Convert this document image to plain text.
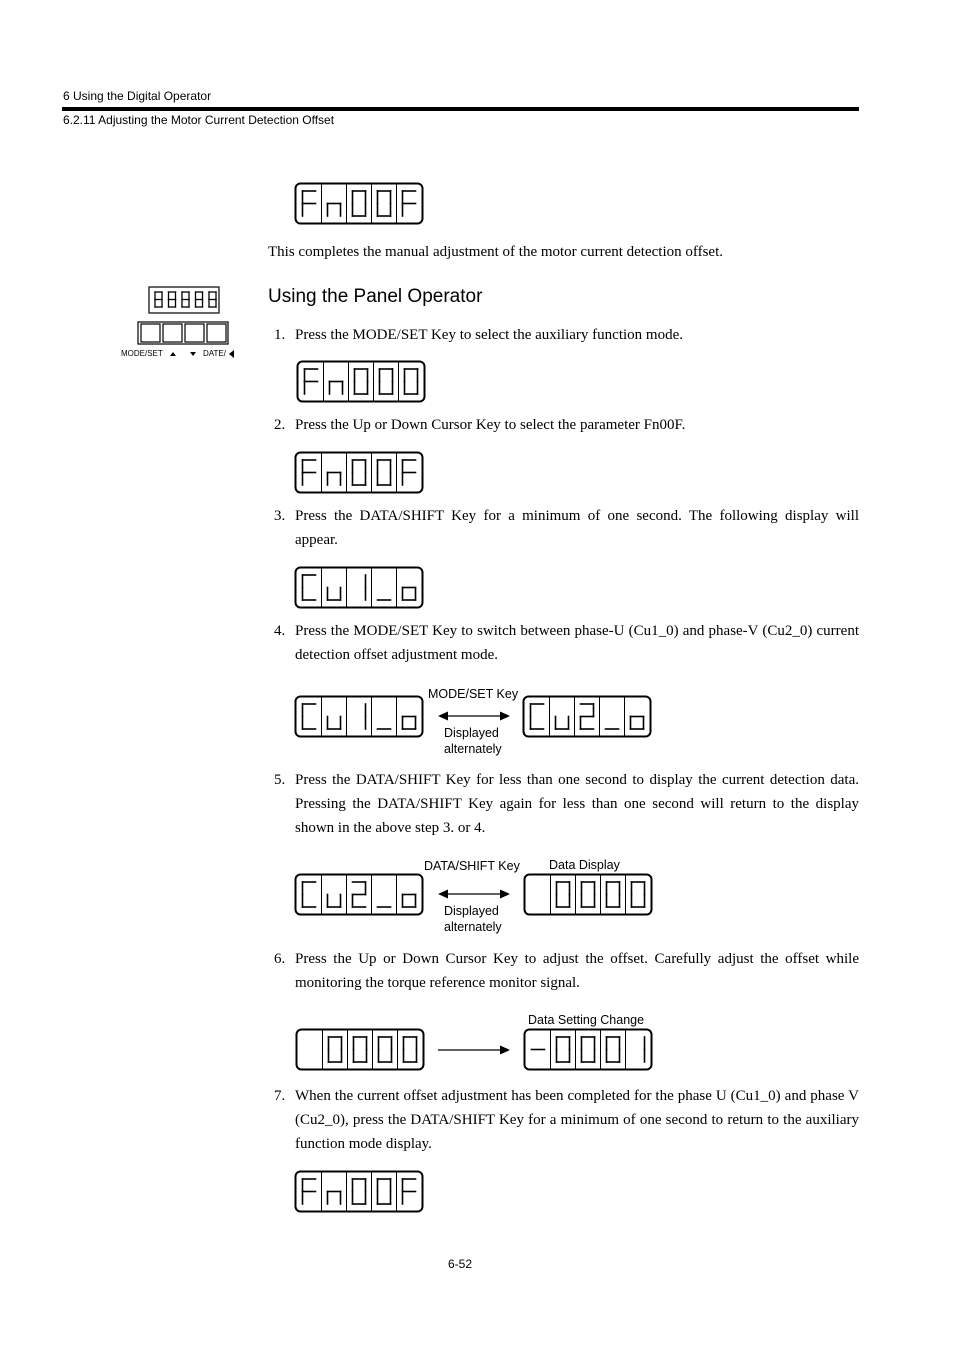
6 Using the Digital Operator
6.2.11 Adjusting the Motor Current Detection Offset
This completes the manual adjustment of the motor current detection offset.
MODE/SET	DATE/
Using the Panel Operator
1. Press the MODE/SET Key to select the auxiliary function mode.
2. Press the Up or Down Cursor Key to select the parameter Fn00F.
3. Press the DATA/SHIFT Key for a minimum of one second. The following display will appear.
4. Press the MODE/SET Key to switch between phase-U (Cu1_0) and phase-V (Cu2_0) current detection offset adjustment mode.
MODE/SET Key
Displayed
alternately
5. Press the DATA/SHIFT Key for less than one second to display the current detection data. Pressing the DATA/SHIFT Key again for less than one second will return to the display shown in the above step 3. or 4.
DATA/SHIFT Key Data Display
Displayed
alternately
6. Press the Up or Down Cursor Key to adjust the offset. Carefully adjust the offset while monitoring the torque reference monitor signal.
Data Setting Change
7. When the current offset adjustment has been completed for the phase U (Cu1_0) and phase V (Cu2_0), press the DATA/SHIFT Key for a minimum of one second to return to the auxiliary function mode display.
6-52
